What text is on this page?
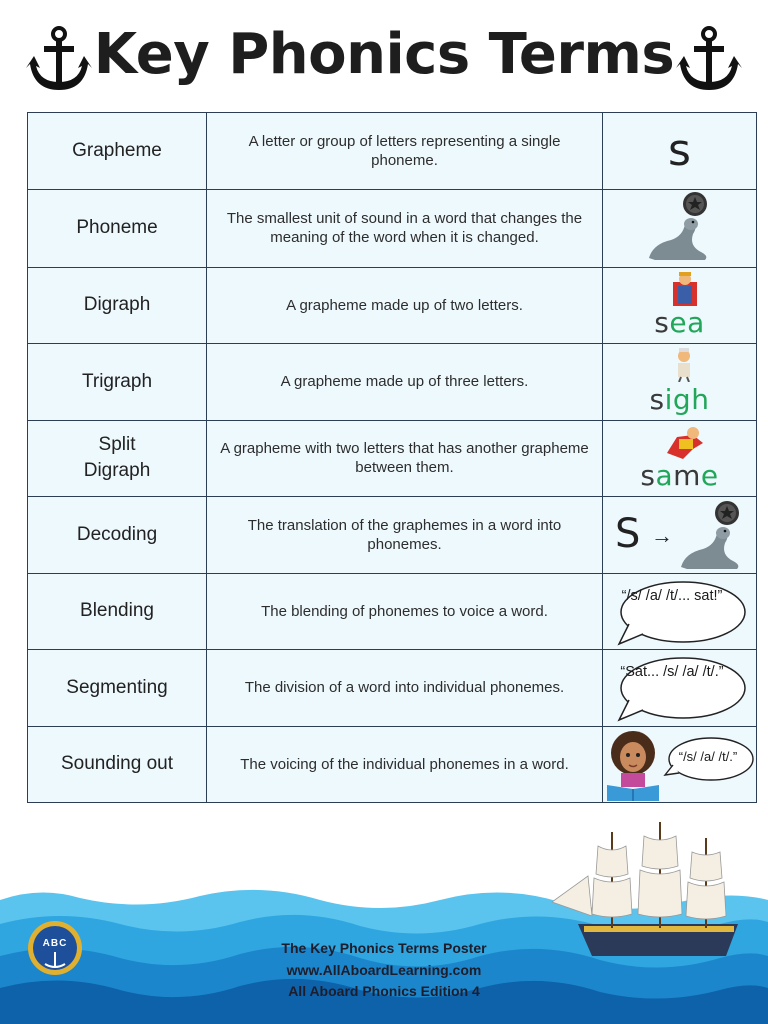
Key Phonics Terms
Grapheme	A letter or group of letters representing a single phoneme.	s
Phoneme	The smallest unit of sound in a word that changes the meaning of the word when it is changed.	
Digraph	A grapheme made up of two letters.	sea

Trigraph	A grapheme made up of three letters.	sigh

Split Digraph	A grapheme with two letters that has another grapheme between them.	same

Decoding	The translation of the graphemes in a word into phonemes.	S →

Blending	The blending of phonemes to voice a word.	“/s/ /a/ /t/... sat!”

Segmenting	The division of a word into individual phonemes.	“Sat... /s/ /a/ /t/.”

Sounding out	The voicing of the individual phonemes in a word.	“/s/ /a/ /t/.”
ABC	The Key Phonics Terms Poster
www.AllAboardLearning.com
All Aboard Phonics Edition 4
